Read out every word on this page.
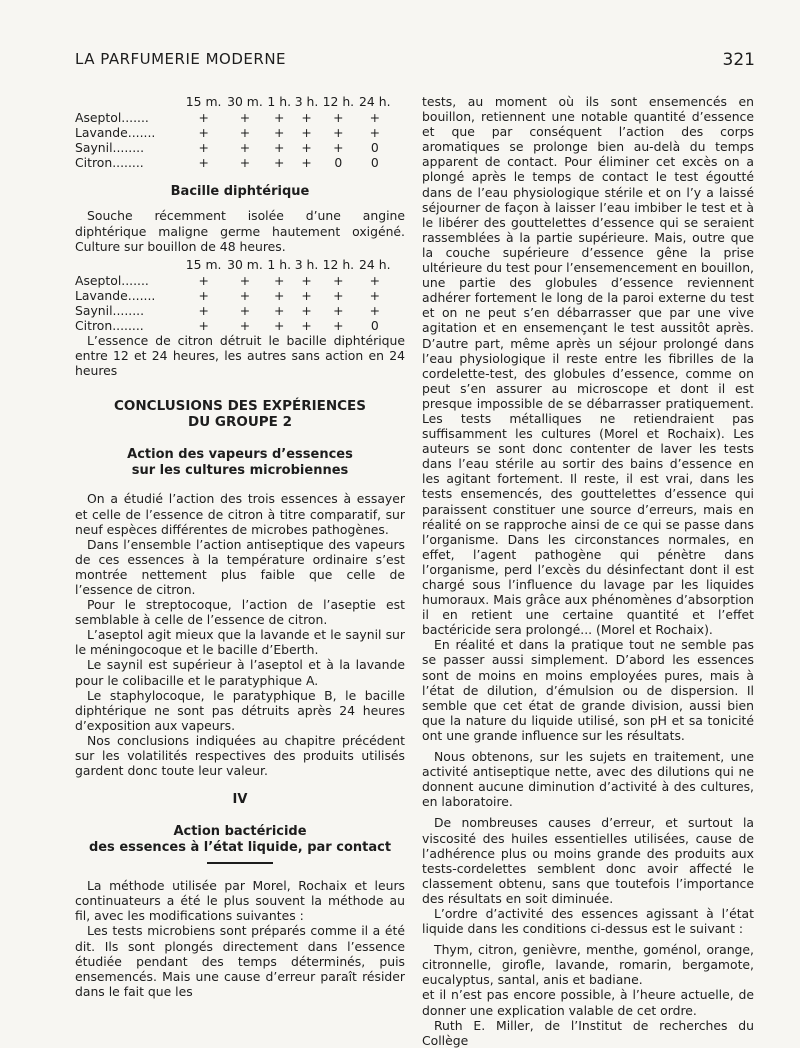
LA PARFUMERIE MODERNE	321
	15 m.	30 m.	1 h.	3 h.	12 h.	24 h.
Aseptol.......	+	+	+	+	+	+
Lavande.......	+	+	+	+	+	+
Saynil........	+	+	+	+	+	0
Citron........	+	+	+	+	0	0

Bacille diphtérique

Souche récemment isolée d’une angine diphtérique maligne germe hautement oxigéné. Culture sur bouillon de 48 heures.

	15 m.	30 m.	1 h.	3 h.	12 h.	24 h.
Aseptol.......	+	+	+	+	+	+
Lavande.......	+	+	+	+	+	+
Saynil........	+	+	+	+	+	+
Citron........	+	+	+	+	+	0

L’essence de citron détruit le bacille diphtérique entre 12 et 24 heures, les autres sans action en 24 heures

CONCLUSIONS DES EXPÉRIENCES
DU GROUPE 2

Action des vapeurs d’essences
sur les cultures microbiennes

On a étudié l’action des trois essences à essayer et celle de l’essence de citron à titre comparatif, sur neuf espèces différentes de microbes pathogènes.

Dans l’ensemble l’action antiseptique des vapeurs de ces essences à la température ordinaire s’est montrée nettement plus faible que celle de l’essence de citron.

Pour le streptocoque, l’action de l’aseptie est semblable à celle de l’essence de citron.

L’aseptol agit mieux que la lavande et le saynil sur le méningocoque et le bacille d’Eberth.

Le saynil est supérieur à l’aseptol et à la lavande pour le colibacille et le paratyphique A.

Le staphylocoque, le paratyphique B, le bacille diphtérique ne sont pas détruits après 24 heures d’exposition aux vapeurs.

Nos conclusions indiquées au chapitre précédent sur les volatilités respectives des produits utilisés gardent donc toute leur valeur.

IV

Action bactéricide
des essences à l’état liquide, par contact

La méthode utilisée par Morel, Rochaix et leurs continuateurs a été le plus souvent la méthode au fil, avec les modifications suivantes :

Les tests microbiens sont préparés comme il a été dit. Ils sont plongés directement dans l’essence étudiée pendant des temps déterminés, puis ensemencés. Mais une cause d’erreur paraît résider dans le fait que les

tests, au moment où ils sont ensemencés en bouillon, retiennent une notable quantité d’essence et que par conséquent l’action des corps aromatiques se prolonge bien au-delà du temps apparent de contact. Pour éliminer cet excès on a plongé après le temps de contact le test égoutté dans de l’eau physiologique stérile et on l’y a laissé séjourner de façon à laisser l’eau imbiber le test et à le libérer des gouttelettes d’essence qui se seraient rassemblées à la partie supérieure. Mais, outre que la couche supérieure d’essence gêne la prise ultérieure du test pour l’ensemencement en bouillon, une partie des globules d’essence reviennent adhérer fortement le long de la paroi externe du test et on ne peut s’en débarrasser que par une vive agitation et en ensemençant le test aussitôt après. D’autre part, même après un séjour prolongé dans l’eau physiologique il reste entre les fibrilles de la cordelette-test, des globules d’essence, comme on peut s’en assurer au microscope et dont il est presque impossible de se débarrasser pratiquement. Les tests métalliques ne retiendraient pas suffisamment les cultures (Morel et Rochaix). Les auteurs se sont donc contenter de laver les tests dans l’eau stérile au sortir des bains d’essence en les agitant fortement. Il reste, il est vrai, dans les tests ensemencés, des gouttelettes d’essence qui paraissent constituer une source d’erreurs, mais en réalité on se rapproche ainsi de ce qui se passe dans l’organisme. Dans les circonstances normales, en effet, l’agent pathogène qui pénètre dans l’organisme, perd l’excès du désinfectant dont il est chargé sous l’influence du lavage par les liquides humoraux. Mais grâce aux phénomènes d’absorption il en retient une certaine quantité et l’effet bactéricide sera prolongé... (Morel et Rochaix).

En réalité et dans la pratique tout ne semble pas se passer aussi simplement. D’abord les essences sont de moins en moins employées pures, mais à l’état de dilution, d’émulsion ou de dispersion. Il semble que cet état de grande division, aussi bien que la nature du liquide utilisé, son pH et sa tonicité ont une grande influence sur les résultats.

Nous obtenons, sur les sujets en traitement, une activité antiseptique nette, avec des dilutions qui ne donnent aucune diminution d’activité à des cultures, en laboratoire.

De nombreuses causes d’erreur, et surtout la viscosité des huiles essentielles utilisées, cause de l’adhérence plus ou moins grande des produits aux tests-cordelettes semblent donc avoir affecté le classement obtenu, sans que toutefois l’importance des résultats en soit diminuée.

L’ordre d’activité des essences agissant à l’état liquide dans les conditions ci-dessus est le suivant :

Thym, citron, genièvre, menthe, goménol, orange, citronnelle, girofle, lavande, romarin, bergamote, eucalyptus, santal, anis et badiane.

et il n’est pas encore possible, à l’heure actuelle, de donner une explication valable de cet ordre.

Ruth E. Miller, de l’Institut de recherches du Collège
